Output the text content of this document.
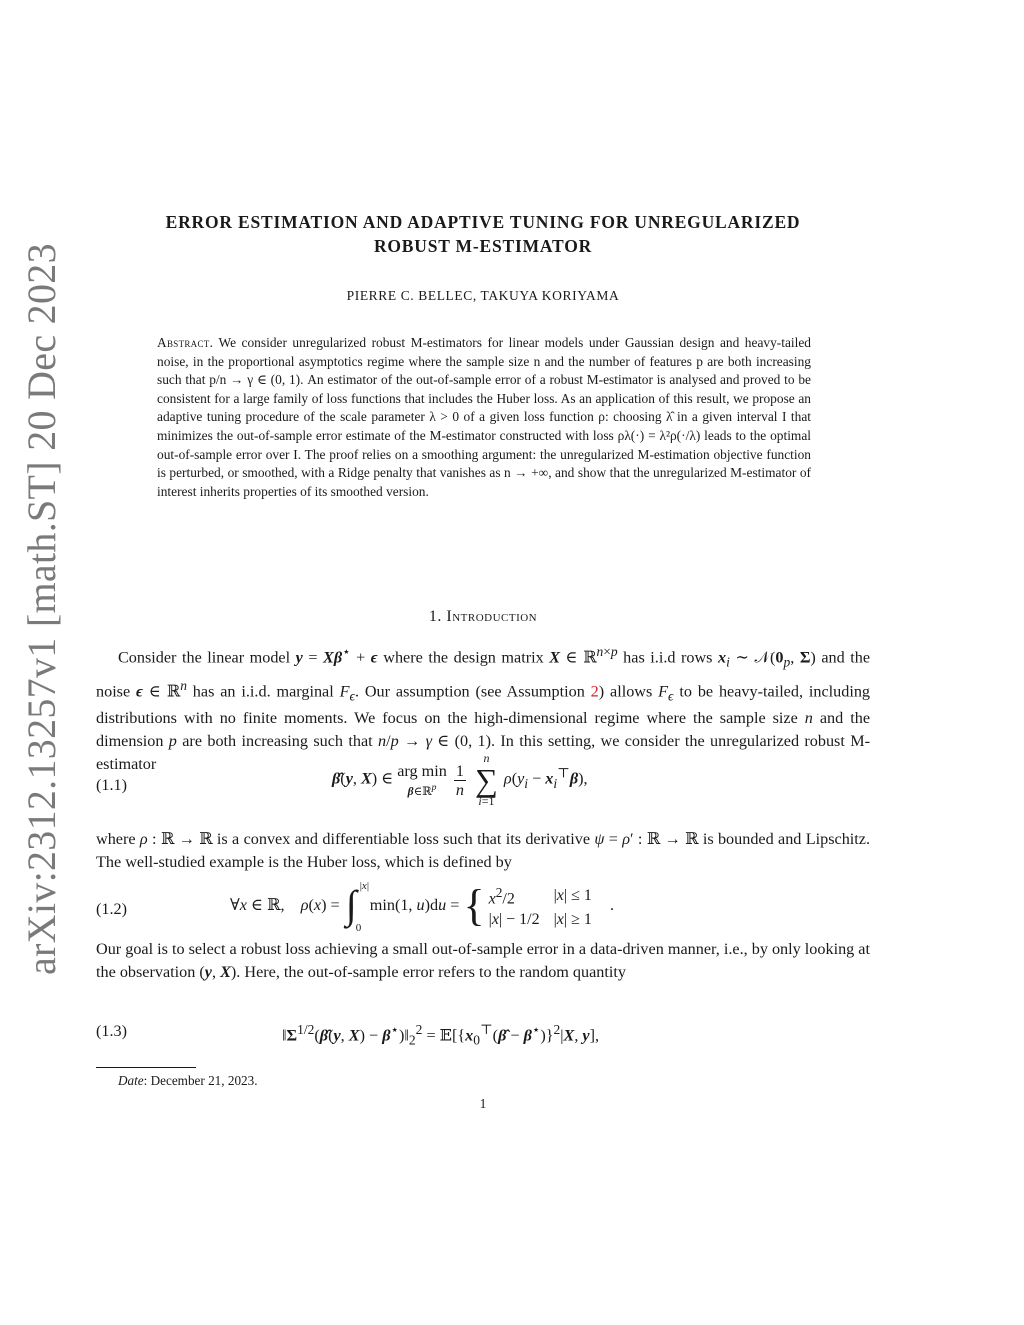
arXiv:2312.13257v1 [math.ST] 20 Dec 2023
ERROR ESTIMATION AND ADAPTIVE TUNING FOR UNREGULARIZED
ROBUST M-ESTIMATOR
PIERRE C. BELLEC, TAKUYA KORIYAMA
Abstract. We consider unregularized robust M-estimators for linear models under Gaussian design and heavy-tailed noise, in the proportional asymptotics regime where the sample size n and the number of features p are both increasing such that p/n → γ ∈ (0, 1). An estimator of the out-of-sample error of a robust M-estimator is analysed and proved to be consistent for a large family of loss functions that includes the Huber loss. As an application of this result, we propose an adaptive tuning procedure of the scale parameter λ > 0 of a given loss function ρ: choosing λ̂ in a given interval I that minimizes the out-of-sample error estimate of the M-estimator constructed with loss ρλ(·) = λ²ρ(·/λ) leads to the optimal out-of-sample error over I. The proof relies on a smoothing argument: the unregularized M-estimation objective function is perturbed, or smoothed, with a Ridge penalty that vanishes as n → +∞, and show that the unregularized M-estimator of interest inherits properties of its smoothed version.
1. Introduction
Consider the linear model y = Xβ⋆ + ϵ where the design matrix X ∈ ℝ$^{n\times p}$ has i.i.d rows $x_i$ ∼ $𝒩(0_p$, Σ) and the noise ϵ ∈ ℝ$^n$ has an i.i.d. marginal $F_\epsilon$. Our assumption (see Assumption 2) allows $F_\epsilon$ to be heavy-tailed, including distributions with no finite moments. We focus on the high-dimensional regime where the sample size n and the dimension p are both increasing such that n/p → γ ∈ (0, 1). In this setting, we consider the unregularized robust M-estimator
(1.1)	β̂(y, X) ∈ arg min
β∈ℝ$^p$
	$\frac{1}{n}$

n
∑
i=1
$\rho(y_i - x_i^⊤\beta)$,
where ρ : ℝ → ℝ is a convex and differentiable loss such that its derivative ψ = ρ′ : ℝ → ℝ is bounded and Lipschitz. The well-studied example is the Huber loss, which is defined by
(1.2)	∀x ∈ ℝ,    ρ(x) = ∫ |x|
0
min(1, u)du = { $x^2/2$	|x| ≤ 1
|x| − 1/2	|x| ≥ 1
.
Our goal is to select a robust loss achieving a small out-of-sample error in a data-driven manner, i.e., by only looking at the observation (y, X). Here, the out-of-sample error refers to the random quantity
(1.3)	$‖\Sigma^{1/2}(\betâ(y$, $X) - \beta^⋆)‖_2^2$ = $𝔼[\{x_0^⊤(\betâ - \beta^⋆)\}^2|X$, y],
Date: December 21, 2023.
1
